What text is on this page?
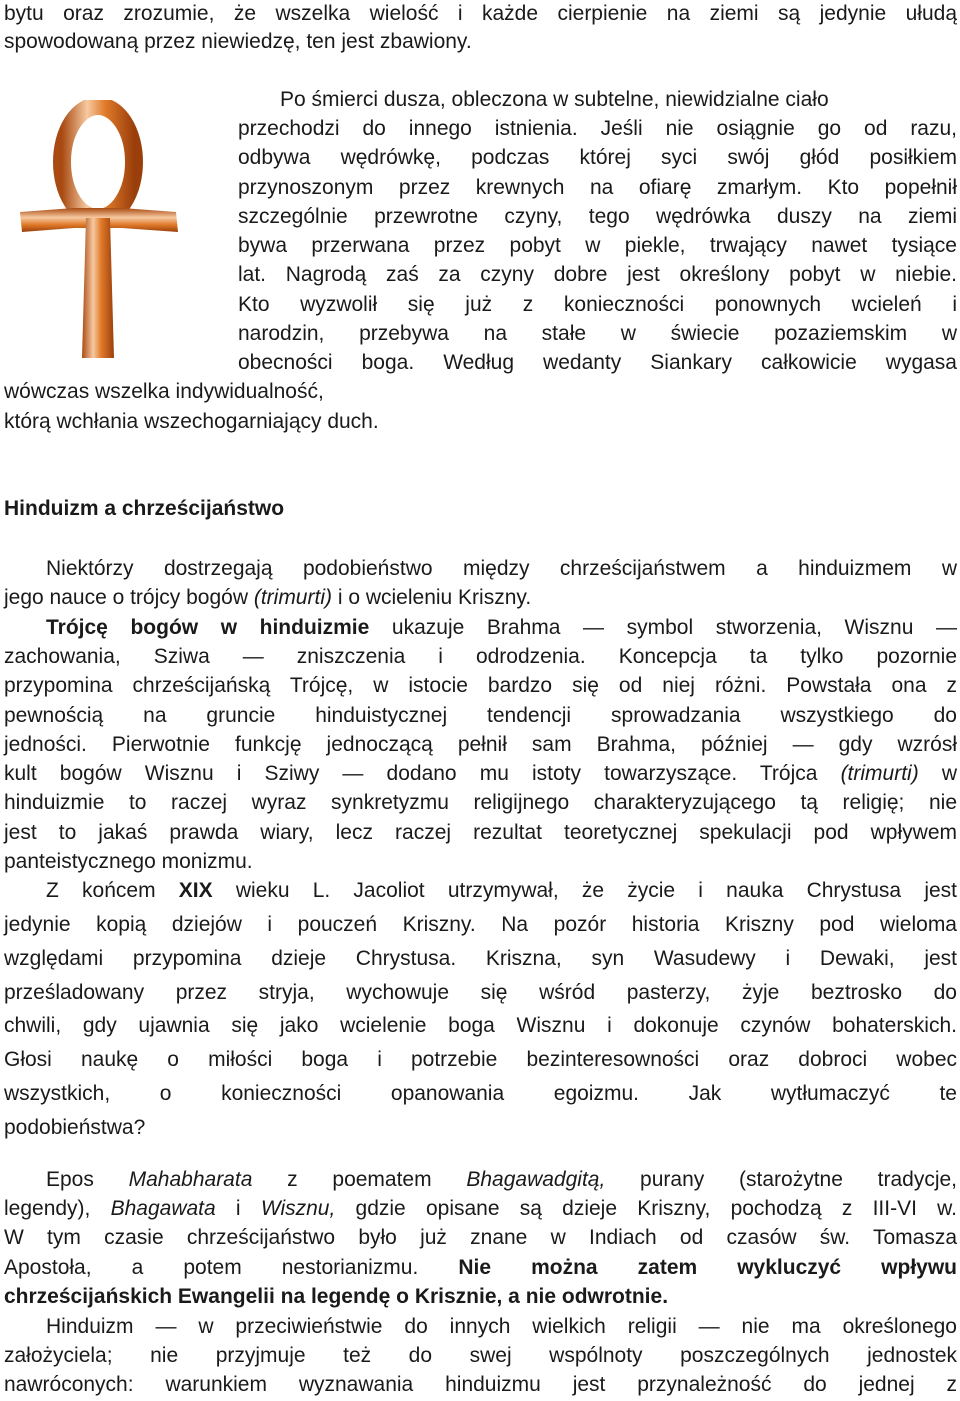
bytu oraz zrozumie, że wszelka wielość i każde cierpienie na ziemi są jedynie ułudą
spowodowaną przez niewiedzę, ten jest zbawiony.
Po śmierci dusza, obleczona w subtelne, niewidzialne ciało
przechodzi do innego istnienia. Jeśli nie osiągnie go od razu,
odbywa wędrówkę, podczas której syci swój głód posiłkiem
przynoszonym przez krewnych na ofiarę zmarłym. Kto popełnił
szczególnie przewrotne czyny, tego wędrówka duszy na ziemi
bywa przerwana przez pobyt w piekle, trwający nawet tysiące
lat. Nagrodą zaś za czyny dobre jest określony pobyt w niebie.
Kto wyzwolił się już z konieczności ponownych wcieleń i
narodzin, przebywa na stałe w świecie pozaziemskim w
obecności boga. Według wedanty Siankary całkowicie wygasa
wówczas wszelka indywidualność,
którą wchłania wszechogarniający duch.
Hinduizm a chrześcijaństwo
Niektórzy dostrzegają podobieństwo między chrześcijaństwem a hinduizmem w
jego nauce o trójcy bogów (trimurti) i o wcieleniu Kriszny.
Trójcę bogów w hinduizmie ukazuje Brahma — symbol stworzenia, Wisznu —
zachowania, Sziwa — zniszczenia i odrodzenia. Koncepcja ta tylko pozornie
przypomina chrześcijańską Trójcę, w istocie bardzo się od niej różni. Powstała ona z
pewnością na gruncie hinduistycznej tendencji sprowadzania wszystkiego do
jedności. Pierwotnie funkcję jednoczącą pełnił sam Brahma, później — gdy wzrósł
kult bogów Wisznu i Sziwy — dodano mu istoty towarzyszące. Trójca (trimurti) w
hinduizmie to raczej wyraz synkretyzmu religijnego charakteryzującego tą religię; nie
jest to jakaś prawda wiary, lecz raczej rezultat teoretycznej spekulacji pod wpływem
panteistycznego monizmu.
Z końcem XIX wieku L. Jacoliot utrzymywał, że życie i nauka Chrystusa jest
jedynie kopią dziejów i pouczeń Kriszny. Na pozór historia Kriszny pod wieloma
względami przypomina dzieje Chrystusa. Kriszna, syn Wasudewy i Dewaki, jest
prześladowany przez stryja, wychowuje się wśród pasterzy, żyje beztrosko do
chwili, gdy ujawnia się jako wcielenie boga Wisznu i dokonuje czynów bohaterskich.
Głosi naukę o miłości boga i potrzebie bezinteresowności oraz dobroci wobec
wszystkich, o konieczności opanowania egoizmu. Jak wytłumaczyć te
podobieństwa?
Epos Mahabharata z poematem Bhagawadgitą, purany (starożytne tradycje,
legendy), Bhagawata i Wisznu, gdzie opisane są dzieje Kriszny, pochodzą z III-VI w.
W tym czasie chrześcijaństwo było już znane w Indiach od czasów św. Tomasza
Apostoła, a potem nestorianizmu. Nie można zatem wykluczyć wpływu
chrześcijańskich Ewangelii na legendę o Krisznie, a nie odwrotnie.
Hinduizm — w przeciwieństwie do innych wielkich religii — nie ma określonego
założyciela; nie przyjmuje też do swej wspólnoty poszczególnych jednostek
nawróconych: warunkiem wyznawania hinduizmu jest przynależność do jednej z
